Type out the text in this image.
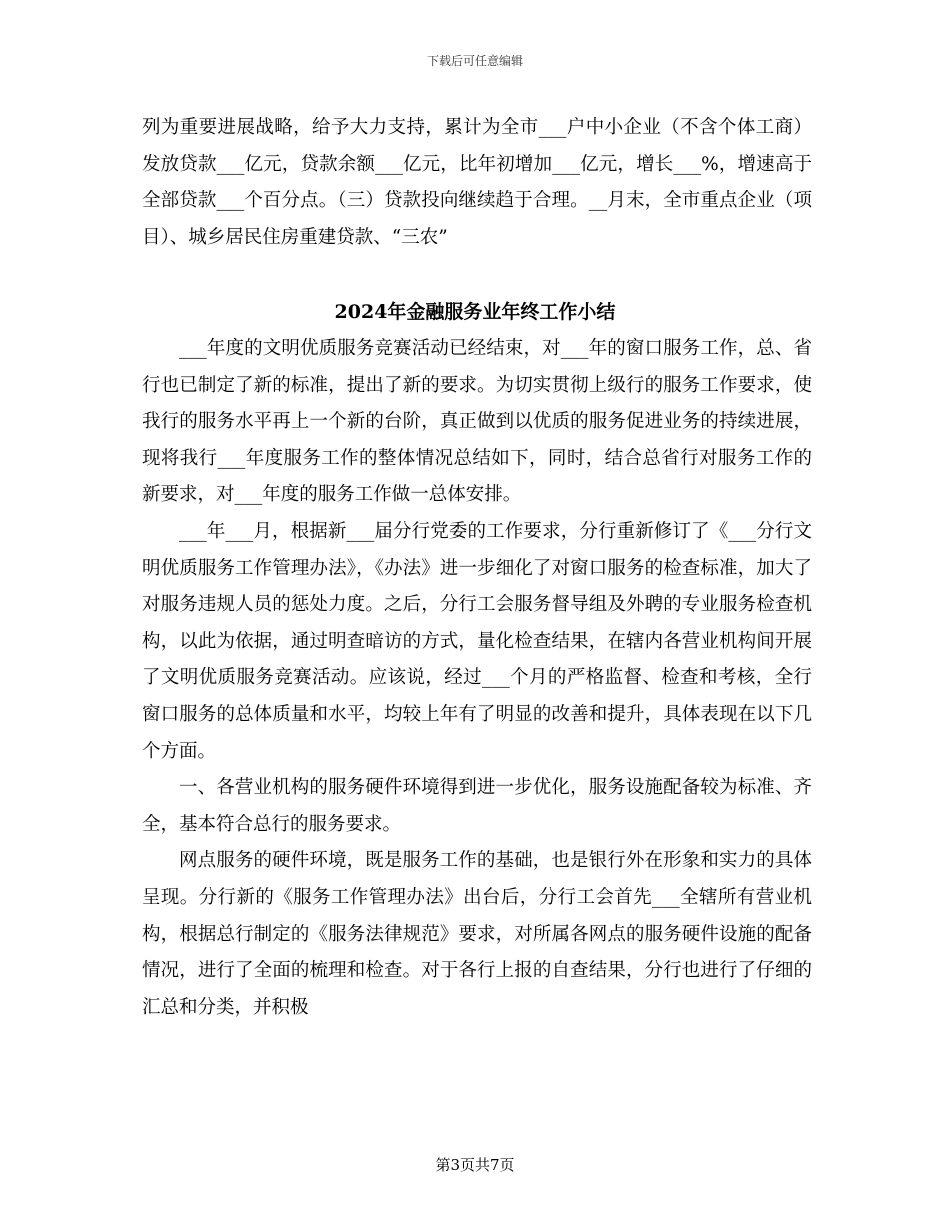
下载后可任意编辑

列为重要进展战略，给予大力支持，累计为全市___户中小企业（不含个体工商）发放贷款___亿元，贷款余额___亿元，比年初增加___亿元，增长___%，增速高于全部贷款___个百分点。（三）贷款投向继续趋于合理。__月末，全市重点企业（项目）、城乡居民住房重建贷款、“三农”

2024年金融服务业年终工作小结

___年度的文明优质服务竞赛活动已经结束，对___年的窗口服务工作，总、省行也已制定了新的标准，提出了新的要求。为切实贯彻上级行的服务工作要求，使我行的服务水平再上一个新的台阶，真正做到以优质的服务促进业务的持续进展，现将我行___年度服务工作的整体情况总结如下，同时，结合总省行对服务工作的新要求，对___年度的服务工作做一总体安排。

___年___月，根据新___届分行党委的工作要求，分行重新修订了《___分行文明优质服务工作管理办法》，《办法》进一步细化了对窗口服务的检查标准，加大了对服务违规人员的惩处力度。之后，分行工会服务督导组及外聘的专业服务检查机构，以此为依据，通过明查暗访的方式，量化检查结果，在辖内各营业机构间开展了文明优质服务竞赛活动。应该说，经过___个月的严格监督、检查和考核，全行窗口服务的总体质量和水平，均较上年有了明显的改善和提升，具体表现在以下几个方面。

一、各营业机构的服务硬件环境得到进一步优化，服务设施配备较为标准、齐全，基本符合总行的服务要求。

网点服务的硬件环境，既是服务工作的基础，也是银行外在形象和实力的具体呈现。分行新的《服务工作管理办法》出台后，分行工会首先___全辖所有营业机构，根据总行制定的《服务法律规范》要求，对所属各网点的服务硬件设施的配备情况，进行了全面的梳理和检查。对于各行上报的自查结果，分行也进行了仔细的汇总和分类，并积极

第3页共7页
